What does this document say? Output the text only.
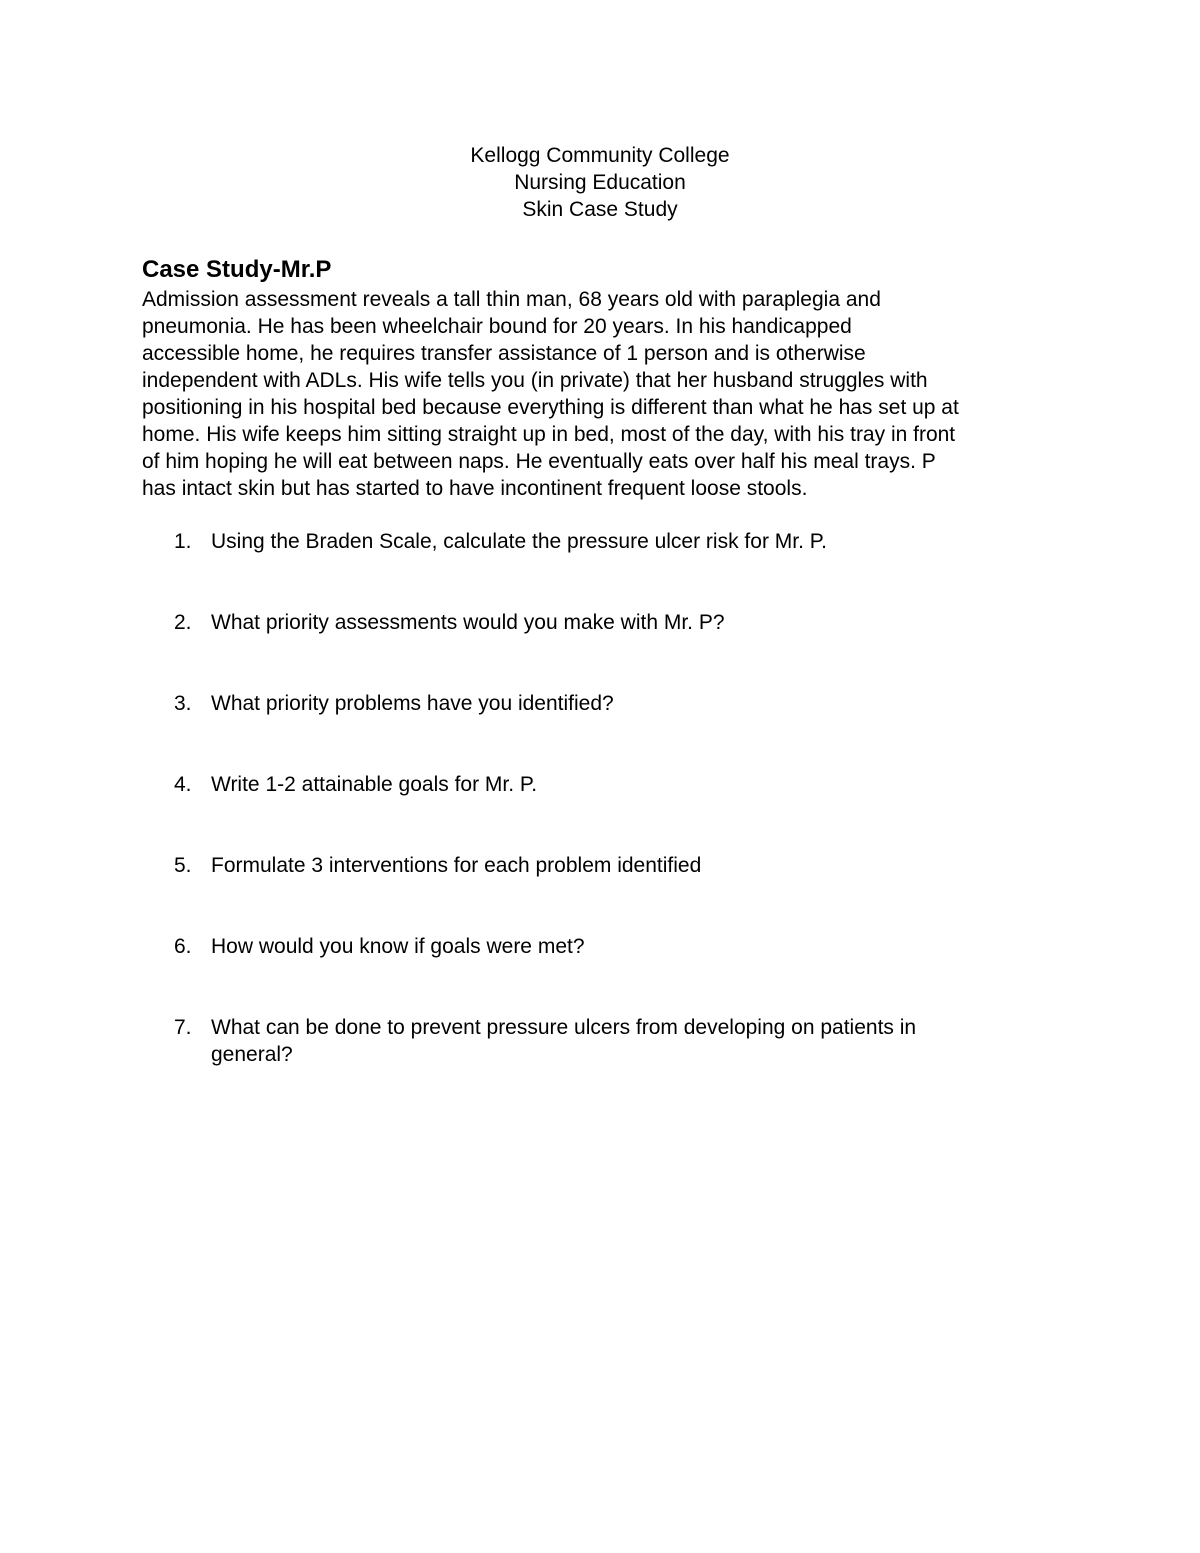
Kellogg Community College
Nursing Education
Skin Case Study
Case Study-Mr.P
Admission assessment reveals a tall thin man, 68 years old with paraplegia and
pneumonia. He has been wheelchair bound for 20 years. In his handicapped
accessible home, he requires transfer assistance of 1 person and is otherwise
independent with ADLs. His wife tells you (in private) that her husband struggles with
positioning in his hospital bed because everything is different than what he has set up at
home. His wife keeps him sitting straight up in bed, most of the day, with his tray in front
of him hoping he will eat between naps. He eventually eats over half his meal trays. P
has intact skin but has started to have incontinent frequent loose stools.
1. Using the Braden Scale, calculate the pressure ulcer risk for Mr. P.
2. What priority assessments would you make with Mr. P?
3. What priority problems have you identified?
4. Write 1-2 attainable goals for Mr. P.
5. Formulate 3 interventions for each problem identified
6. How would you know if goals were met?
7. What can be done to prevent pressure ulcers from developing on patients in
general?
